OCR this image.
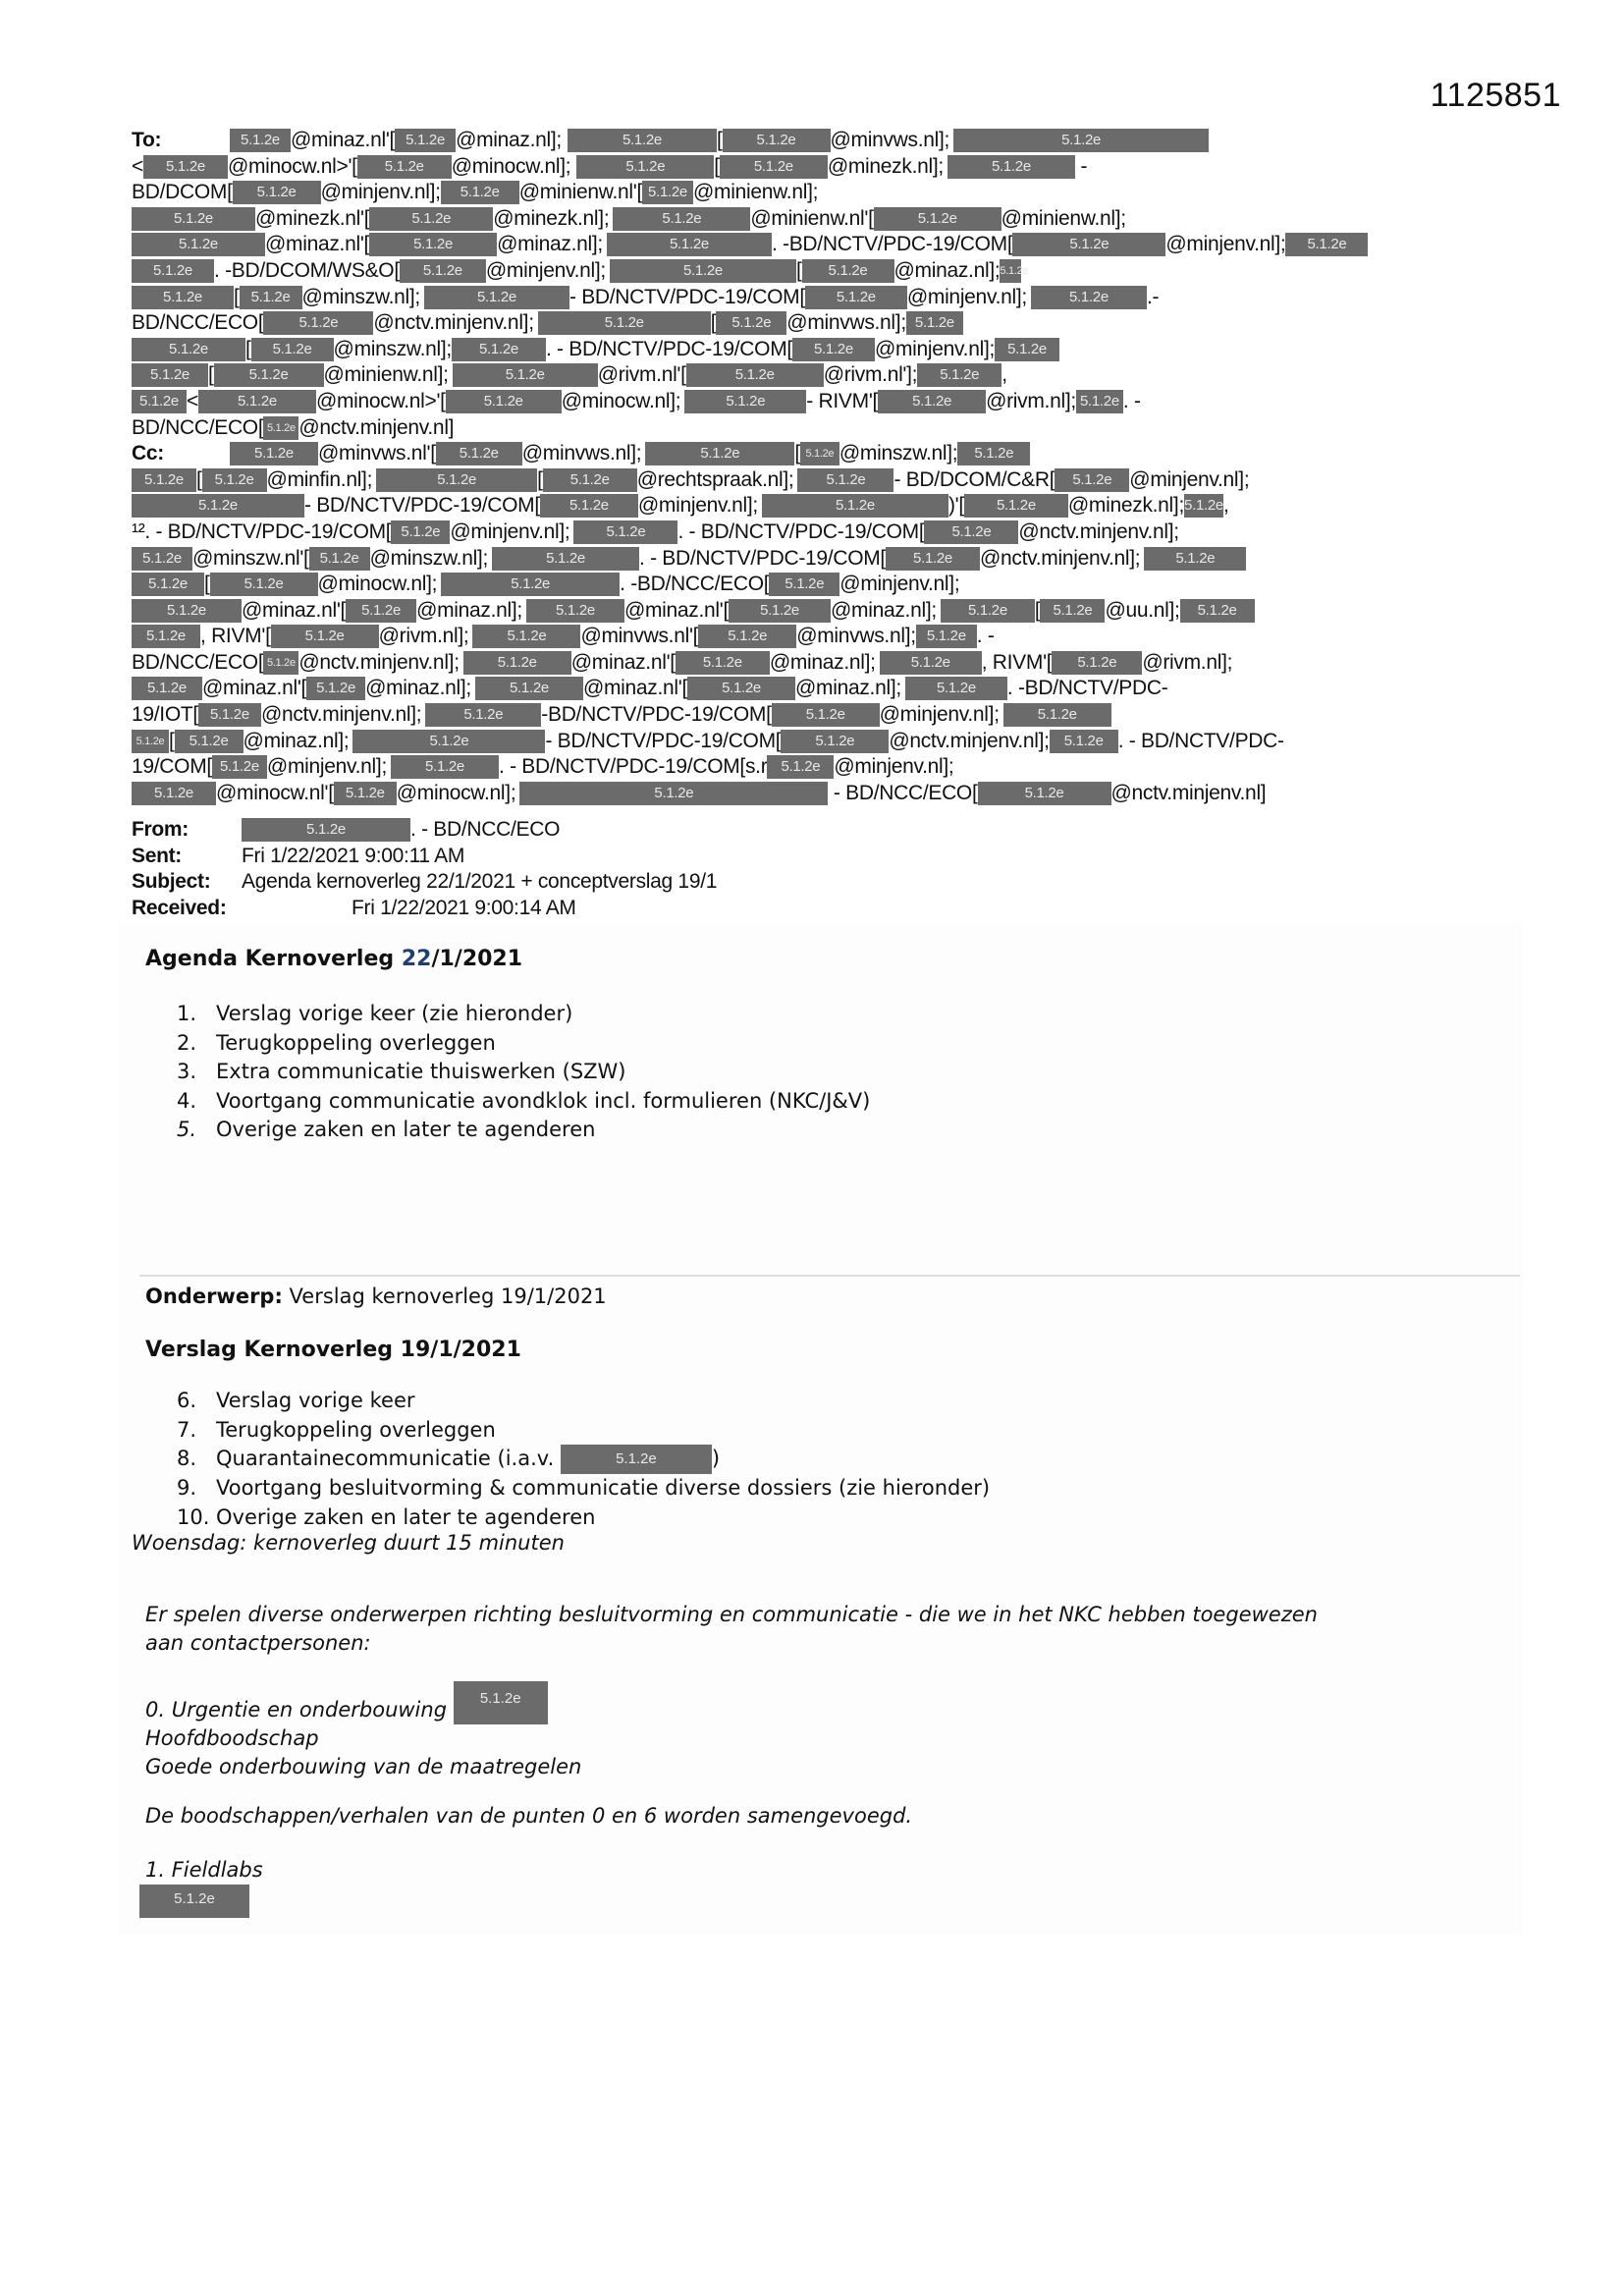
1125851
To:	5.1.2e @minaz.nl'[ 5.1.2e @minaz.nl];	5.1.2e	[ 5.1.2e @minvws.nl];	5.1.2e
< 5.1.2e @minocw.nl>'[ 5.1.2e @minocw.nl];	5.1.2e [ 5.1.2e @minezk.nl];	5.1.2e -
BD/DCOM[ 5.1.2e @minjenv.nl]; 5.1.2e @minienw.nl'[ 5.1.2e @minienw.nl];
5.1.2e @minezk.nl'[	5.1.2e @minezk.nl];	5.1.2e @minienw.nl'[	5.1.2e @minienw.nl];
5.1.2e @minaz.nl'[	5.1.2e @minaz.nl];	5.1.2e	. -BD/NCTV/PDC-19/COM[	5.1.2e	@minjenv.nl]; 5.1.2e
5.1.2e . -BD/DCOM/WS&O[ 5.1.2e @minjenv.nl];	5.1.2e	[ 5.1.2e @minaz.nl];5.1.2e
5.1.2e [ 5.1.2e @minszw.nl];	5.1.2e	- BD/NCTV/PDC-19/COM[ 5.1.2e @minjenv.nl];	5.1.2e .-
BD/NCC/ECO[ 5.1.2e @nctv.minjenv.nl];	5.1.2e	[ 5.1.2e @minvws.nl]; 5.1.2e
5.1.2e [ 5.1.2e @minszw.nl]; 5.1.2e . - BD/NCTV/PDC-19/COM[ 5.1.2e @minjenv.nl]; 5.1.2e
5.1.2e [ 5.1.2e @minienw.nl];	5.1.2e	@rivm.nl'[	5.1.2e @rivm.nl']; 5.1.2e ,
5.1.2e <	5.1.2e @minocw.nl>'[	5.1.2e @minocw.nl];	5.1.2e - RIVM'[ 5.1.2e @rivm.nl]; 5.1.2e . -
BD/NCC/ECO[ 5.1.2e @nctv.minjenv.nl]
Cc:	5.1.2e @minvws.nl'[ 5.1.2e @minvws.nl];	5.1.2e	[ 5.1.2e @minszw.nl]; 5.1.2e
5.1.2e [ 5.1.2e @minfin.nl];	5.1.2e	[ 5.1.2e @rechtspraak.nl]; 5.1.2e - BD/DCOM/C&R[ 5.1.2e @minjenv.nl];
5.1.2e	- BD/NCTV/PDC-19/COM[ 5.1.2e @minjenv.nl];	5.1.2e	)'[ 5.1.2e @minezk.nl];5.1.2e,
¹². - BD/NCTV/PDC-19/COM[ 5.1.2e @minjenv.nl]; 5.1.2e . - BD/NCTV/PDC-19/COM[ 5.1.2e @nctv.minjenv.nl];
5.1.2e @minszw.nl'[ 5.1.2e @minszw.nl];	5.1.2e	. - BD/NCTV/PDC-19/COM[ 5.1.2e @nctv.minjenv.nl]; 5.1.2e
5.1.2e [ 5.1.2e @minocw.nl];	5.1.2e	. -BD/NCC/ECO[ 5.1.2e @minjenv.nl];
5.1.2e @minaz.nl'[ 5.1.2e @minaz.nl]; 5.1.2e @minaz.nl'[ 5.1.2e @minaz.nl]; 5.1.2e [ 5.1.2e @uu.nl]; 5.1.2e
5.1.2e , RIVM'[ 5.1.2e @rivm.nl];	5.1.2e @minvws.nl'[ 5.1.2e @minvws.nl]; 5.1.2e . -
BD/NCC/ECO[ 5.1.2e @nctv.minjenv.nl];	5.1.2e @minaz.nl'[ 5.1.2e @minaz.nl]; 5.1.2e , RIVM'[ 5.1.2e @rivm.nl];
5.1.2e @minaz.nl'[ 5.1.2e @minaz.nl];	5.1.2e @minaz.nl'[ 5.1.2e @minaz.nl]; 5.1.2e . -BD/NCTV/PDC-
19/IOT[ 5.1.2e @nctv.minjenv.nl];	5.1.2e -BD/NCTV/PDC-19/COM[ 5.1.2e @minjenv.nl];	5.1.2e
5.1.2e [ 5.1.2e @minaz.nl];	5.1.2e	- BD/NCTV/PDC-19/COM[ 5.1.2e @nctv.minjenv.nl]; 5.1.2e . - BD/NCTV/PDC-
19/COM[ 5.1.2e @minjenv.nl];	5.1.2e . - BD/NCTV/PDC-19/COM[s.r 5.1.2e @minjenv.nl];
5.1.2e @minocw.nl'[ 5.1.2e @minocw.nl];	5.1.2e	- BD/NCC/ECO[	5.1.2e @nctv.minjenv.nl]
From:	5.1.2e	. - BD/NCC/ECO
Sent:	Fri 1/22/2021 9:00:11 AM
Subject: Agenda kernoverleg 22/1/2021 + conceptverslag 19/1
Received:	Fri 1/22/2021 9:00:14 AM
Agenda Kernoverleg 22/1/2021
1. Verslag vorige keer (zie hieronder)
2. Terugkoppeling overleggen
3. Extra communicatie thuiswerken (SZW)
4. Voortgang communicatie avondklok incl. formulieren (NKC/J&V)
5. Overige zaken en later te agenderen
Onderwerp: Verslag kernoverleg 19/1/2021
Verslag Kernoverleg 19/1/2021
6. Verslag vorige keer
7. Terugkoppeling overleggen
8. Quarantainecommunicatie (i.a.v.	5.1.2e	)
9. Voortgang besluitvorming & communicatie diverse dossiers (zie hieronder)
10. Overige zaken en later te agenderen
Woensdag: kernoverleg duurt 15 minuten
Er spelen diverse onderwerpen richting besluitvorming en communicatie - die we in het NKC hebben toegewezen
aan contactpersonen:
0. Urgentie en onderbouwing 5.1.2e
Hoofdboodschap
Goede onderbouwing van de maatregelen
De boodschappen/verhalen van de punten 0 en 6 worden samengevoegd.
1. Fieldlabs
5.1.2e
